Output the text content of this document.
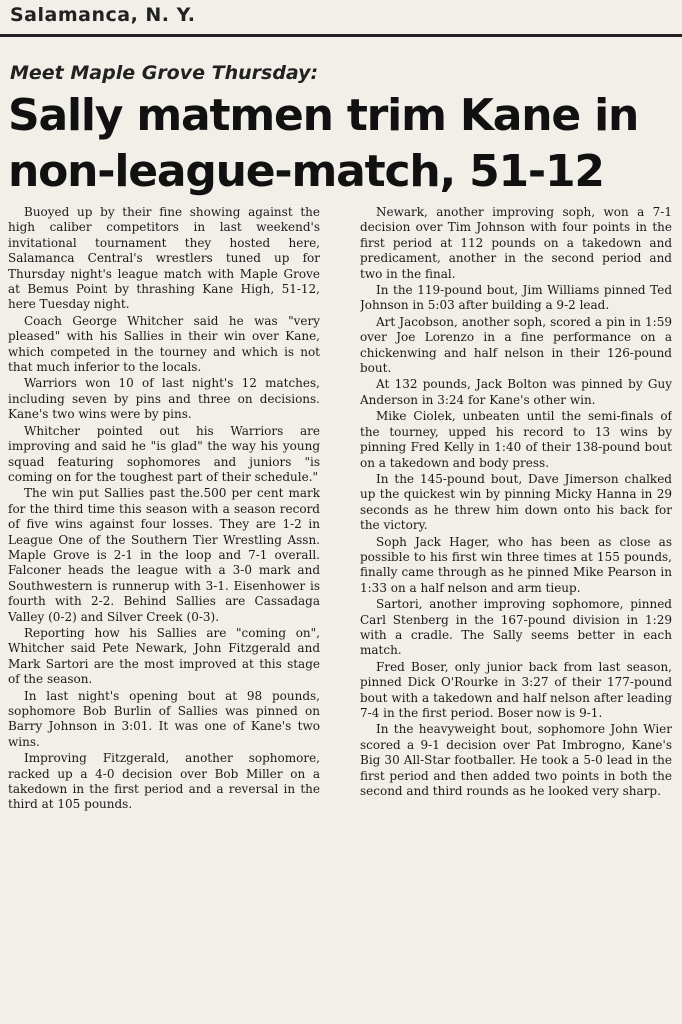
Salamanca, N. Y.
Meet Maple Grove Thursday:
Sally matmen trim Kane in non-league-match, 51-12

Buoyed up by their fine showing against the high caliber competitors in last weekend's invitational tournament they hosted here, Salamanca Central's wrestlers tuned up for Thursday night's league match with Maple Grove at Bemus Point by thrashing Kane High, 51-12, here Tuesday night.

Coach George Whitcher said he was "very pleased" with his Sallies in their win over Kane, which competed in the tourney and which is not that much inferior to the locals.

Warriors won 10 of last night's 12 matches, including seven by pins and three on decisions. Kane's two wins were by pins.

Whitcher pointed out his Warriors are improving and said he "is glad" the way his young squad featuring sophomores and juniors "is coming on for the toughest part of their schedule."

The win put Sallies past the.500 per cent mark for the third time this season with a season record of five wins against four losses. They are 1-2 in League One of the Southern Tier Wrestling Assn. Maple Grove is 2-1 in the loop and 7-1 overall. Falconer heads the league with a 3-0 mark and Southwestern is runnerup with 3-1. Eisenhower is fourth with 2-2. Behind Sallies are Cassadaga Valley (0-2) and Silver Creek (0-3).

Reporting how his Sallies are "coming on", Whitcher said Pete Newark, John Fitzgerald and Mark Sartori are the most improved at this stage of the season.

In last night's opening bout at 98 pounds, sophomore Bob Burlin of Sallies was pinned on Barry Johnson in 3:01. It was one of Kane's two wins.

Improving Fitzgerald, another sophomore, racked up a 4-0 decision over Bob Miller on a takedown in the first period and a reversal in the third at 105 pounds.

Newark, another improving soph, won a 7-1 decision over Tim Johnson with four points in the first period at 112 pounds on a takedown and predicament, another in the second period and two in the final.

In the 119-pound bout, Jim Williams pinned Ted Johnson in 5:03 after building a 9-2 lead.

Art Jacobson, another soph, scored a pin in 1:59 over Joe Lorenzo in a fine performance on a chickenwing and half nelson in their 126-pound bout.

At 132 pounds, Jack Bolton was pinned by Guy Anderson in 3:24 for Kane's other win.

Mike Ciolek, unbeaten until the semi-finals of the tourney, upped his record to 13 wins by pinning Fred Kelly in 1:40 of their 138-pound bout on a takedown and body press.

In the 145-pound bout, Dave Jimerson chalked up the quickest win by pinning Micky Hanna in 29 seconds as he threw him down onto his back for the victory.

Soph Jack Hager, who has been as close as possible to his first win three times at 155 pounds, finally came through as he pinned Mike Pearson in 1:33 on a half nelson and arm tieup.

Sartori, another improving sophomore, pinned Carl Stenberg in the 167-pound division in 1:29 with a cradle. The Sally seems better in each match.

Fred Boser, only junior back from last season, pinned Dick O'Rourke in 3:27 of their 177-pound bout with a takedown and half nelson after leading 7-4 in the first period. Boser now is 9-1.

In the heavyweight bout, sophomore John Wier scored a 9-1 decision over Pat Imbrogno, Kane's Big 30 All-Star footballer. He took a 5-0 lead in the first period and then added two points in both the second and third rounds as he looked very sharp.
